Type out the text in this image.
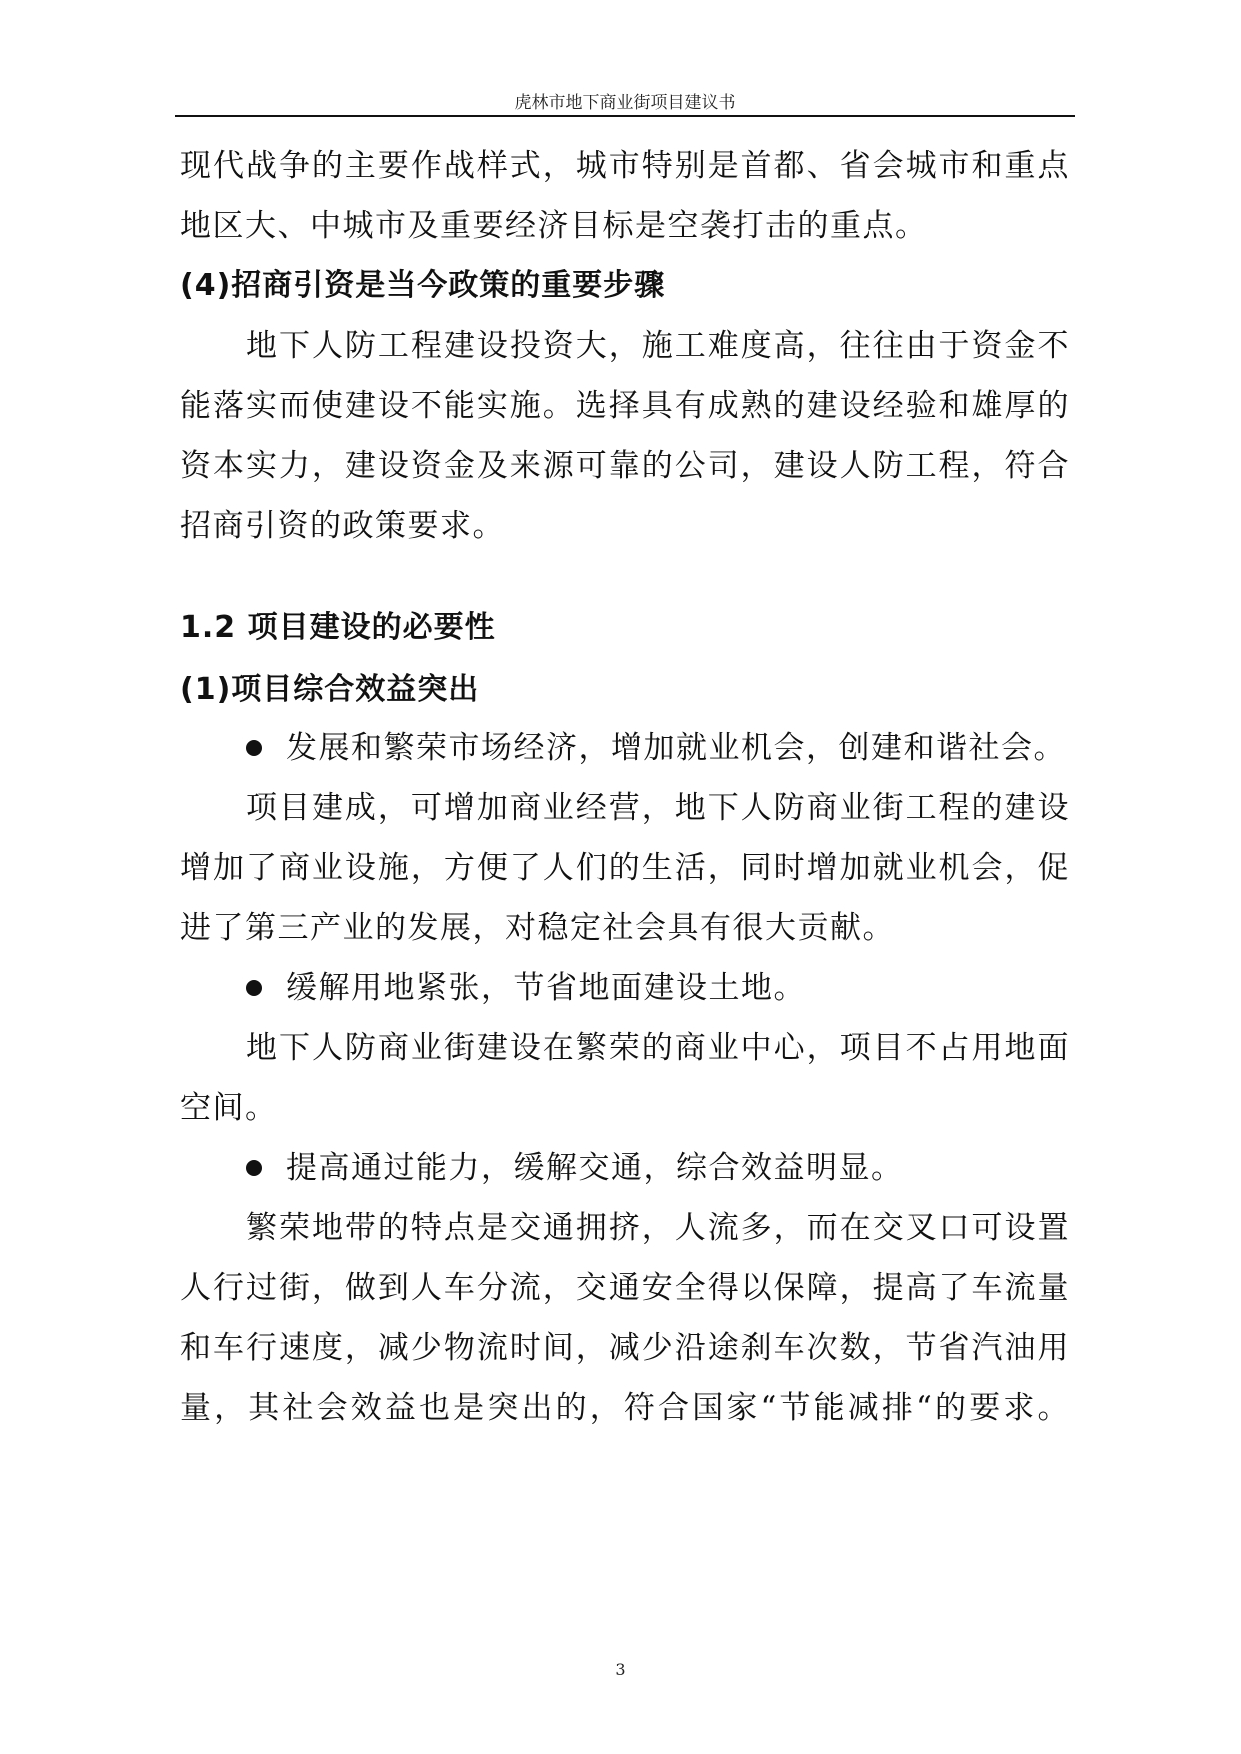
虎林市地下商业街项目建议书
现代战争的主要作战样式，城市特别是首都、省会城市和重点
地区大、中城市及重要经济目标是空袭打击的重点。
(4)招商引资是当今政策的重要步骤
地下人防工程建设投资大，施工难度高，往往由于资金不
能落实而使建设不能实施。选择具有成熟的建设经验和雄厚的
资本实力，建设资金及来源可靠的公司，建设人防工程，符合
招商引资的政策要求。
1.2 项目建设的必要性
(1)项目综合效益突出
发展和繁荣市场经济，增加就业机会，创建和谐社会。
项目建成，可增加商业经营，地下人防商业街工程的建设
增加了商业设施，方便了人们的生活，同时增加就业机会，促
进了第三产业的发展，对稳定社会具有很大贡献。
缓解用地紧张，节省地面建设土地。
地下人防商业街建设在繁荣的商业中心，项目不占用地面
空间。
提高通过能力，缓解交通，综合效益明显。
繁荣地带的特点是交通拥挤，人流多，而在交叉口可设置
人行过街，做到人车分流，交通安全得以保障，提高了车流量
和车行速度，减少物流时间，减少沿途刹车次数，节省汽油用
量，其社会效益也是突出的，符合国家“节能减排“的要求。
3
